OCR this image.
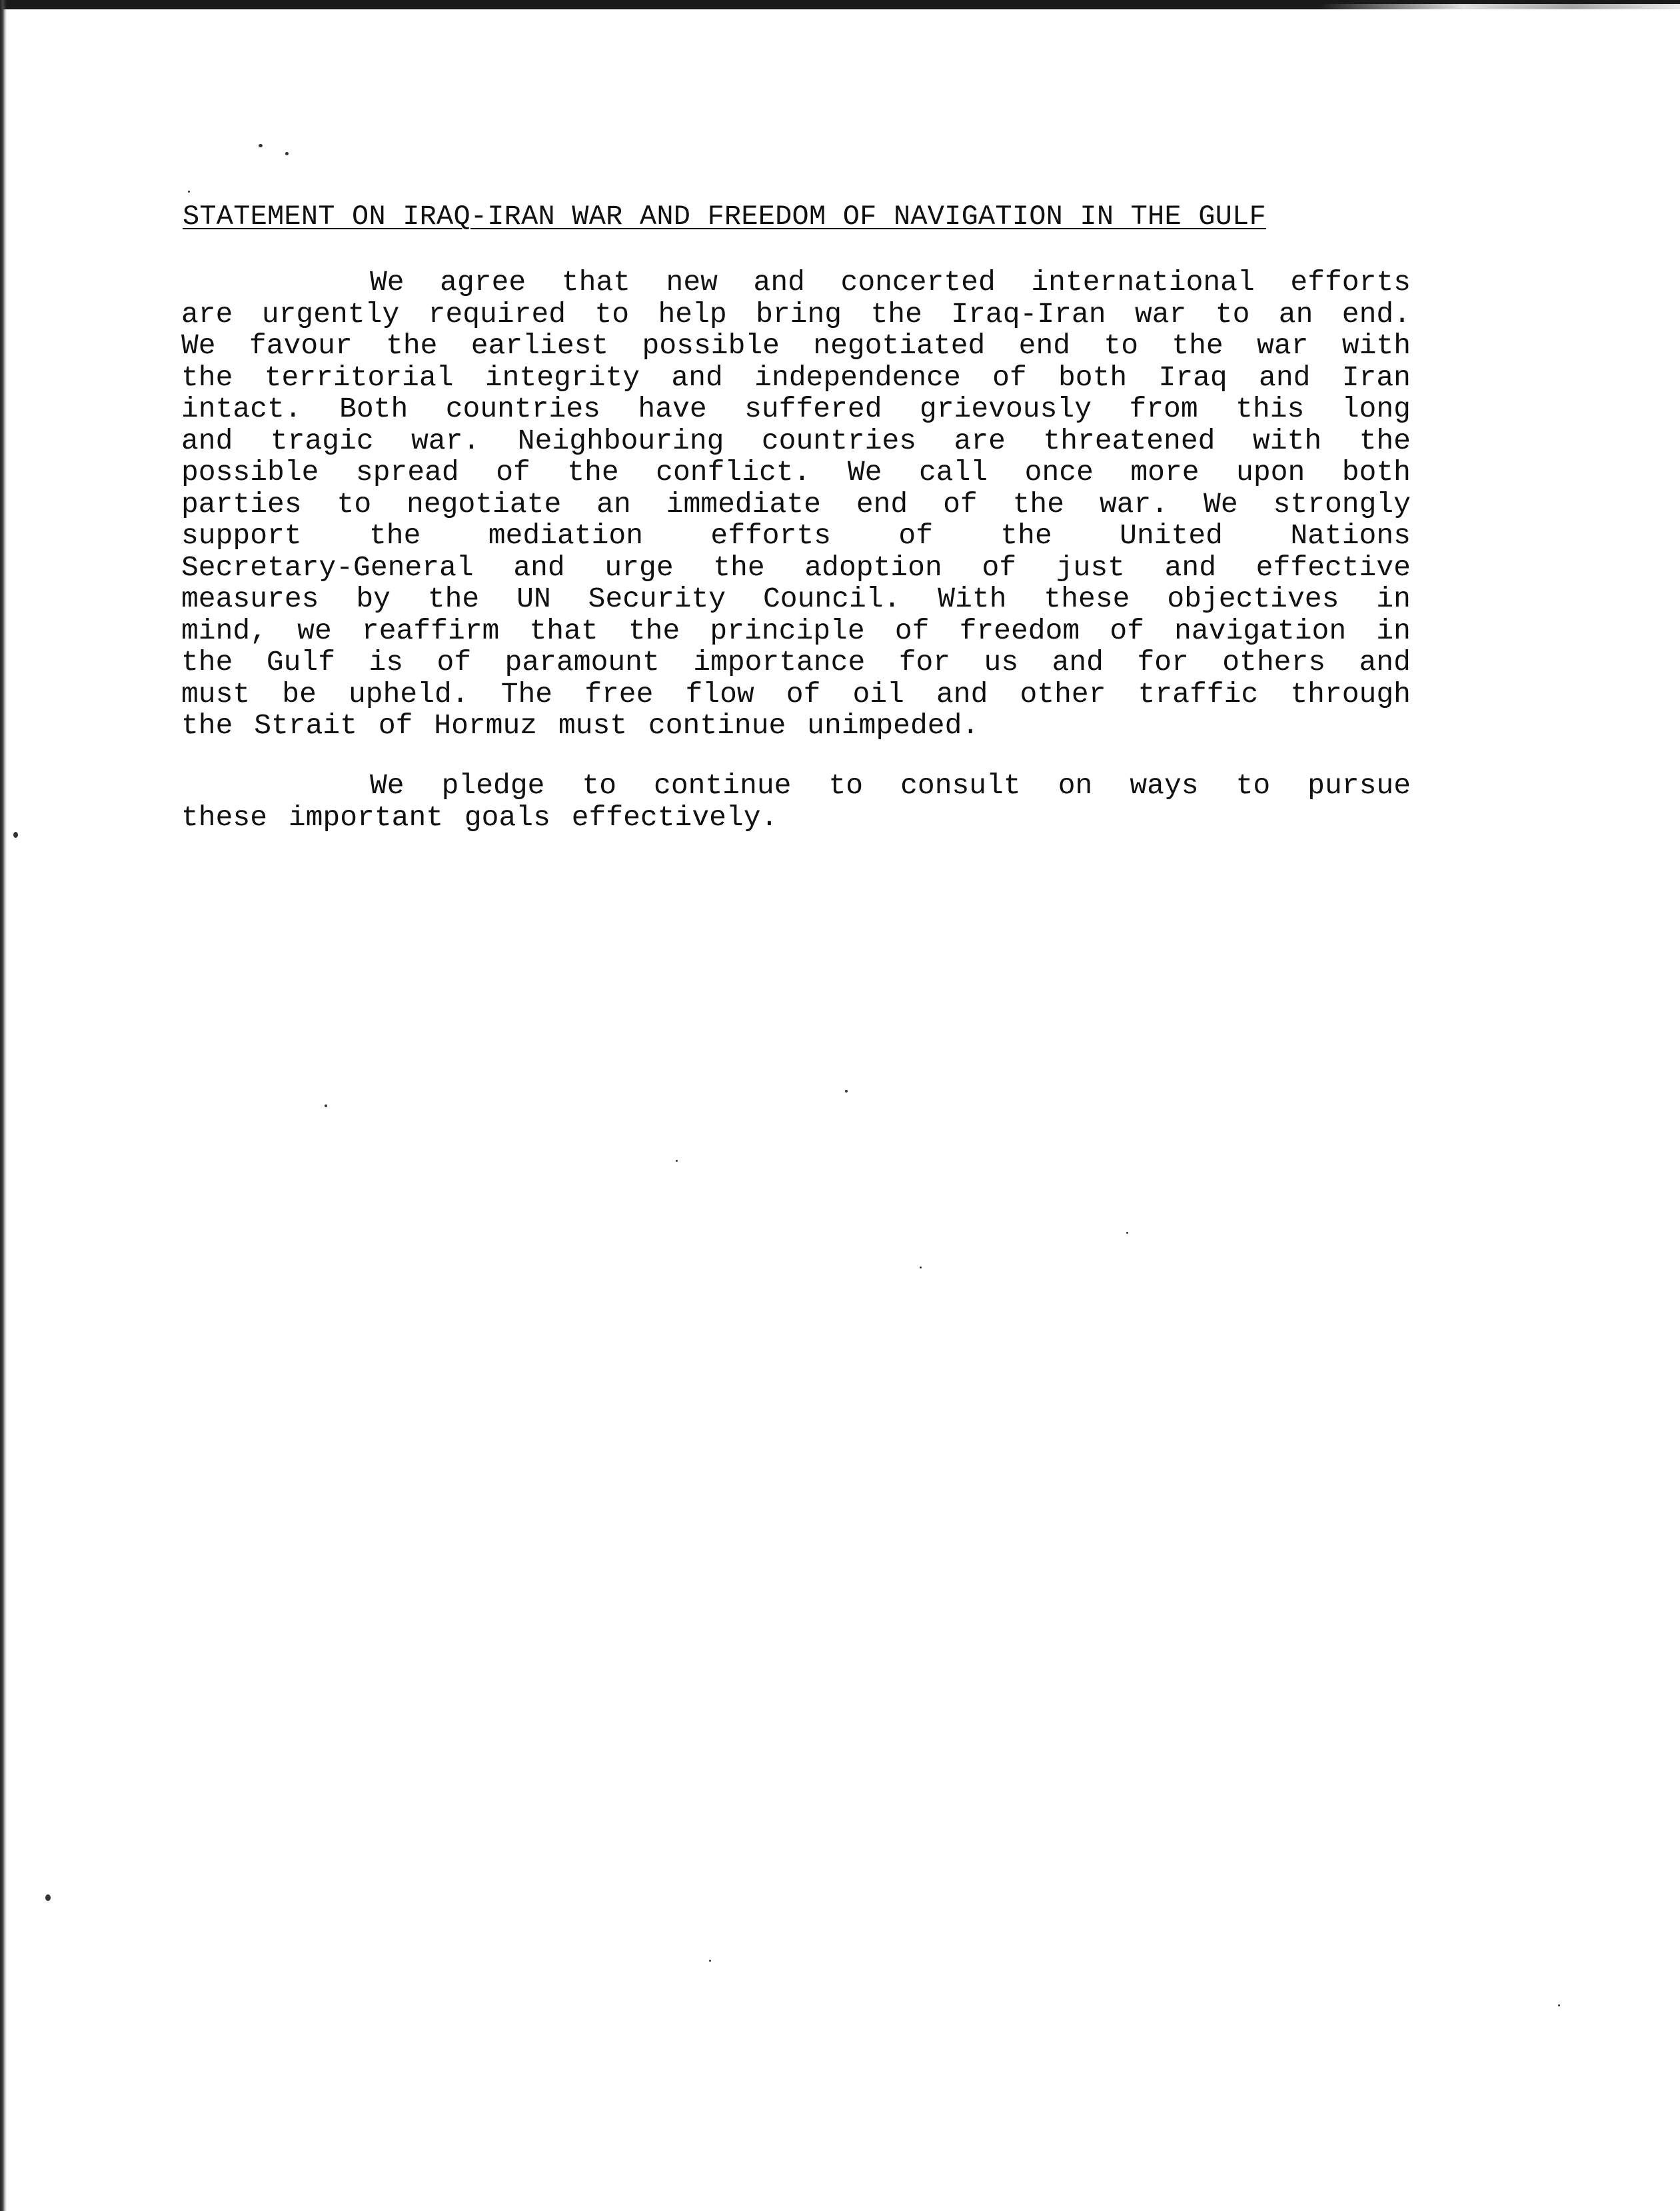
STATEMENT ON IRAQ-IRAN WAR AND FREEDOM OF NAVIGATION IN THE GULF
We agree that new and concerted international efforts
are urgently required to help bring the Iraq-Iran war to an end.
We favour the earliest possible negotiated end to the war with
the territorial integrity and independence of both Iraq and Iran
intact. Both countries have suffered grievously from this long
and tragic war. Neighbouring countries are threatened with the
possible spread of the conflict. We call once more upon both
parties to negotiate an immediate end of the war. We strongly
support the mediation efforts of the United Nations
Secretary-General and urge the adoption of just and effective
measures by the UN Security Council. With these objectives in
mind, we reaffirm that the principle of freedom of navigation in
the Gulf is of paramount importance for us and for others and
must be upheld. The free flow of oil and other traffic through
the Strait of Hormuz must continue unimpeded.
We pledge to continue to consult on ways to pursue
these important goals effectively.
